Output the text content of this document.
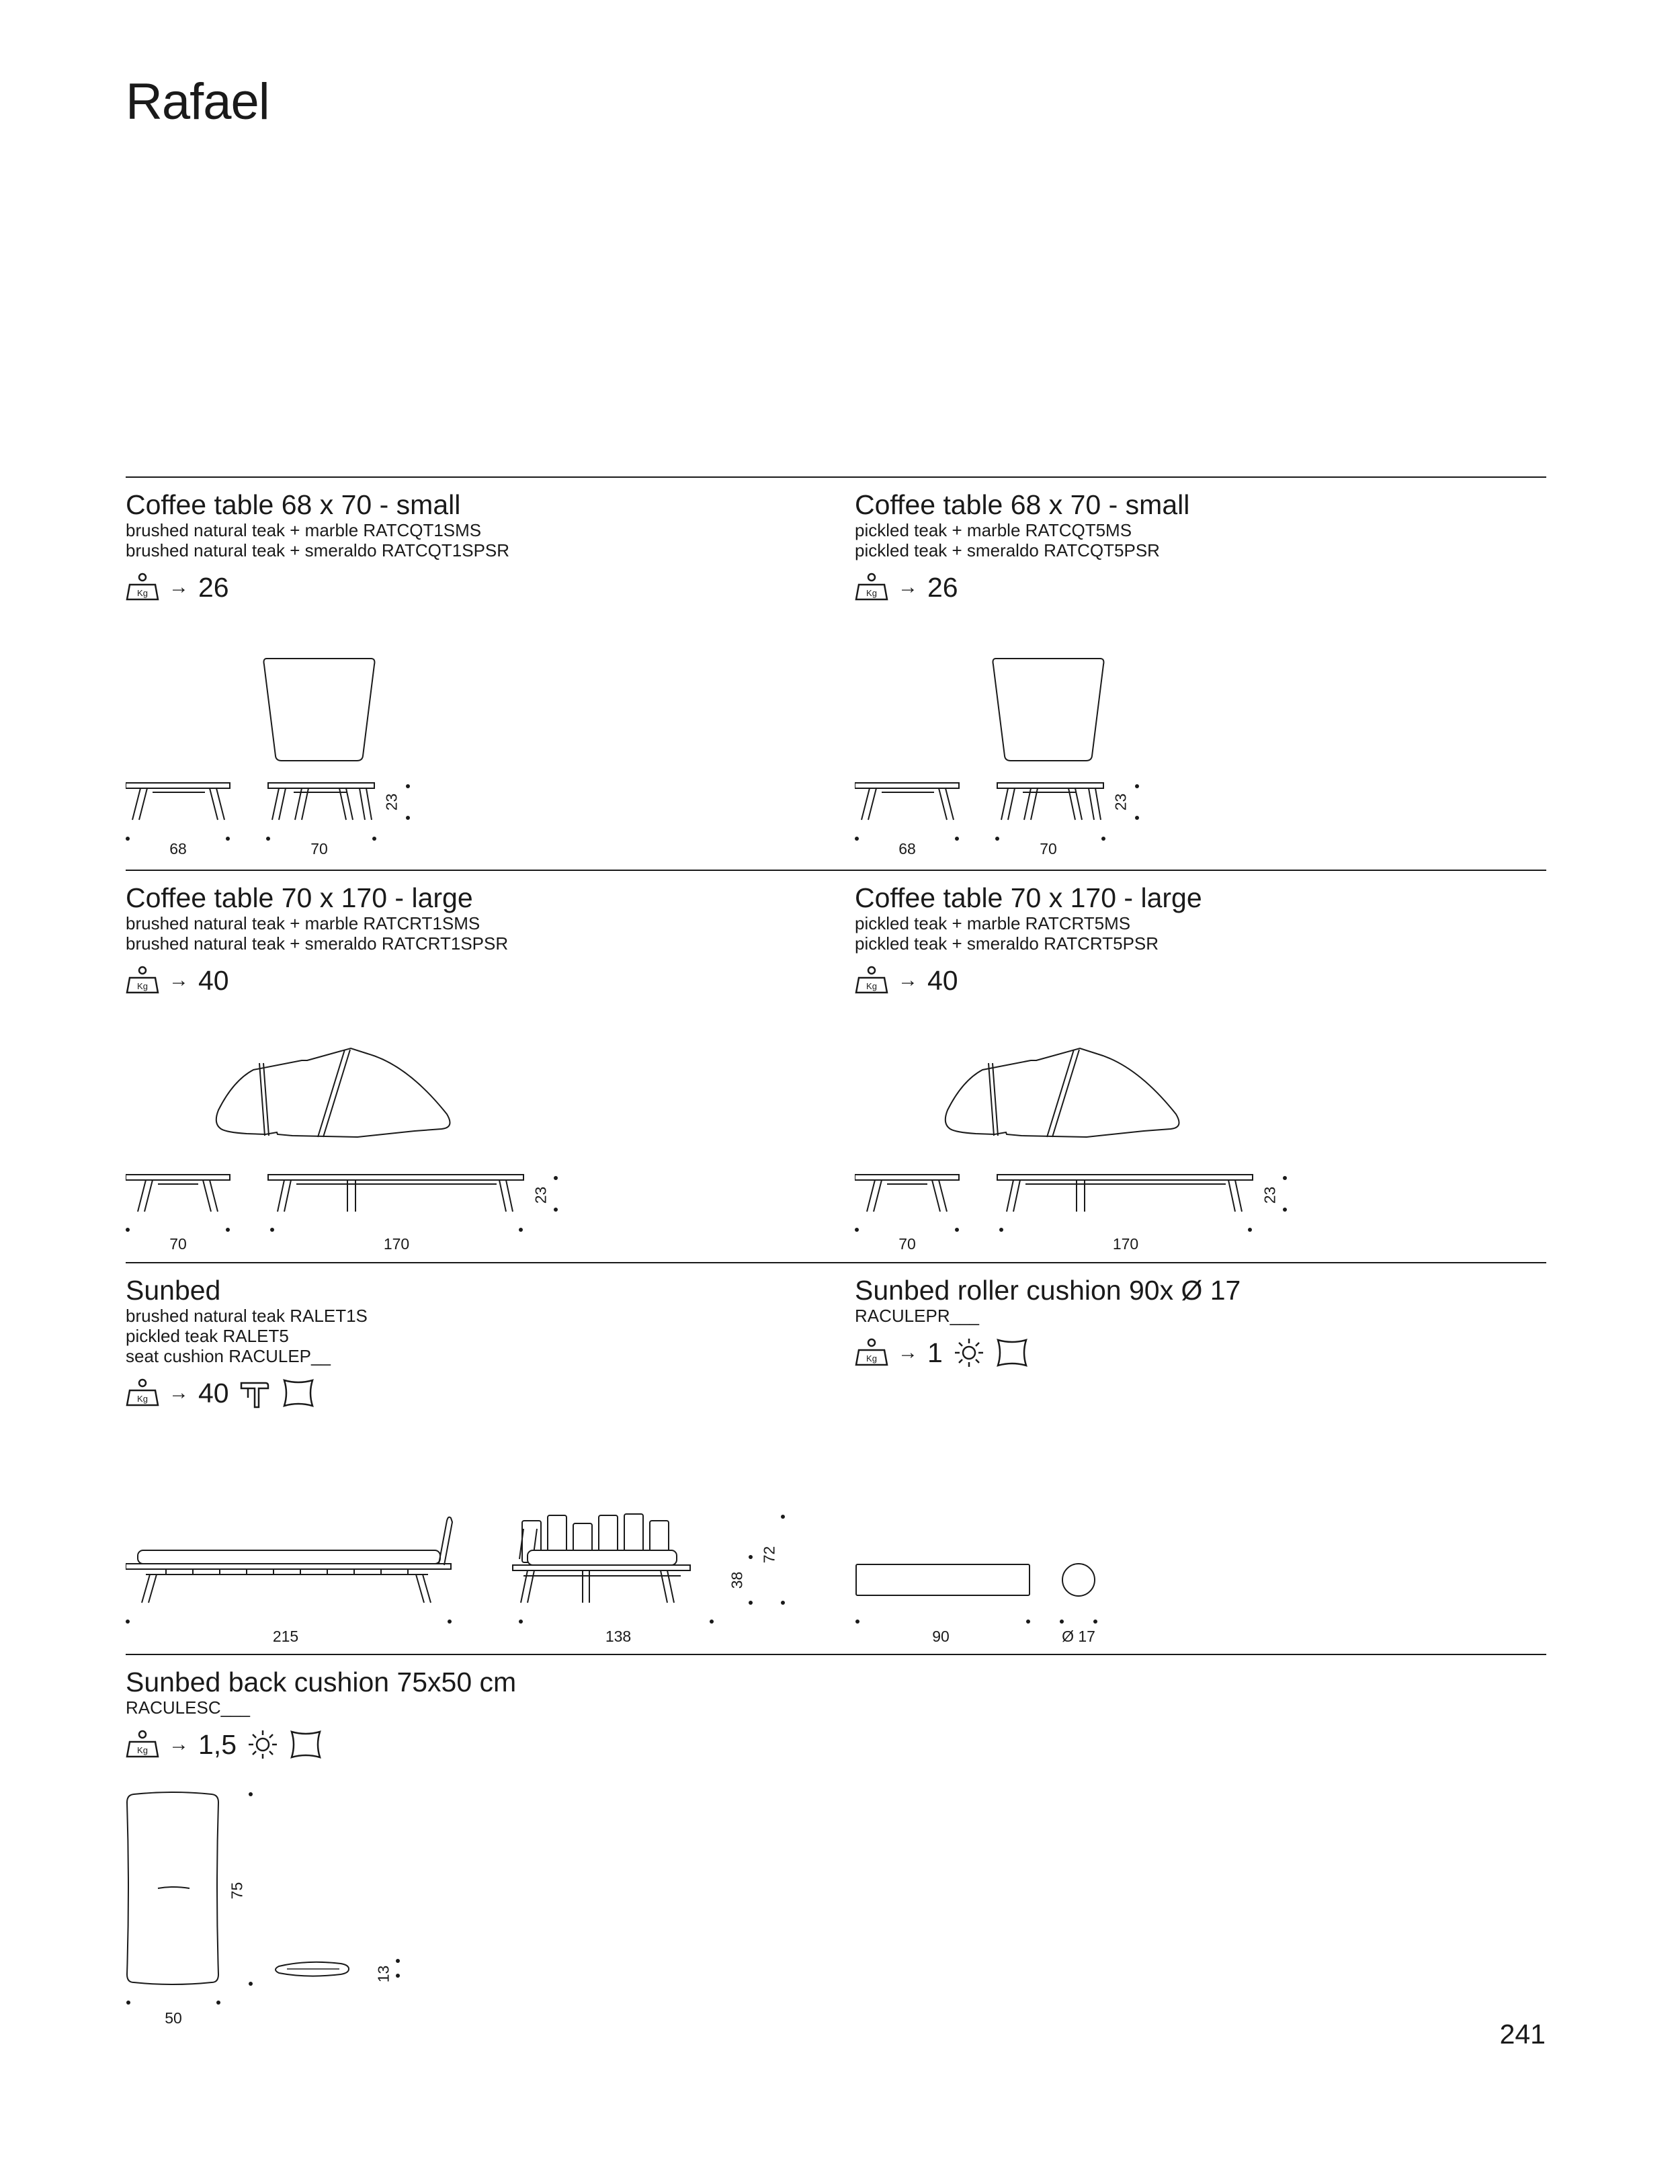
Rafael
Coffee table 68 x 70 - small
brushed natural teak + marble RATCQT1SMS
brushed natural teak + smeraldo RATCQT1SPSR
Kg → 26
68	70
23
Coffee table 68 x 70 - small
pickled teak + marble RATCQT5MS
pickled teak + smeraldo RATCQT5PSR
Kg → 26
68	70
23
Coffee table 70 x 170 - large
brushed natural teak + marble RATCRT1SMS
brushed natural teak + smeraldo RATCRT1SPSR
Kg → 40
70	170
23
Coffee table 70 x 170 - large
pickled teak + marble RATCRT5MS
pickled teak + smeraldo RATCRT5PSR
Kg → 40
70	170
23
Sunbed
brushed natural teak RALET1S
pickled teak RALET5
seat cushion RACULEP__
Kg → 40
215	138
38
72
Sunbed roller cushion 90x Ø 17
RACULEPR___
Kg → 1
90	Ø 17
Sunbed back cushion 75x50 cm
RACULESC___
Kg → 1,5
50
75
13
241
